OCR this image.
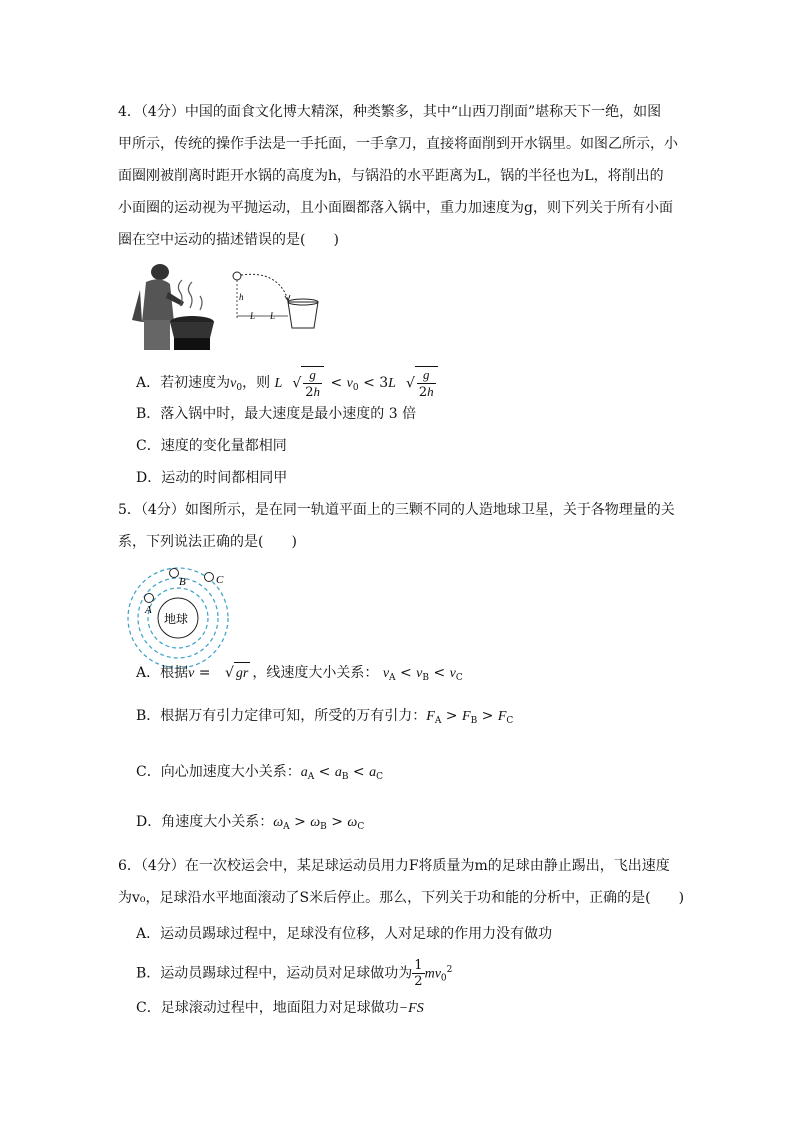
4．（4分）中国的面食文化博大精深，种类繁多，其中“山西刀削面”堪称天下一绝，如图
甲所示，传统的操作手法是一手托面，一手拿刀，直接将面削到开水锅里。如图乙所示，小
面圈刚被削离时距开水锅的高度为h，与锅沿的水平距离为L，锅的半径也为L，将削出的
小面圈的运动视为平抛运动，且小面圈都落入锅中，重力加速度为g，则下列关于所有小面
圈在空中运动的描述错误的是(　　)
h
L L
A．若初速度为$v_0$，则 L √ $\frac{g}{2h} < v_0 < 3L$ √ $\frac{g}{2h}$
B．落入锅中时，最大速度是最小速度的 3 倍
C．速度的变化量都相同
D．运动的时间都相同甲
5．（4分）如图所示，是在同一轨道平面上的三颗不同的人造地球卫星，关于各物理量的关
系，下列说法正确的是(　　)
地球
A
B	C
A．根据v = √ gr ，线速度大小关系： $v_A < v_B < v_C$
B．根据万有引力定律可知，所受的万有引力：$F_A > F_B > F_C$
C．向心加速度大小关系：$a_A < a_B < a_C$
D．角速度大小关系：$\omega_A > \omega_B > \omega_C$
6．（4分）在一次校运会中，某足球运动员用力F将质量为m的足球由静止踢出，飞出速度
为v₀，足球沿水平地面滚动了S米后停止。那么，下列关于功和能的分析中，正确的是(　　)
A．运动员踢球过程中，足球没有位移，人对足球的作用力没有做功
B．运动员踢球过程中，运动员对足球做功为 $\frac{1}{2} mv_0^2$
C．足球滚动过程中，地面阻力对足球做功−FS
